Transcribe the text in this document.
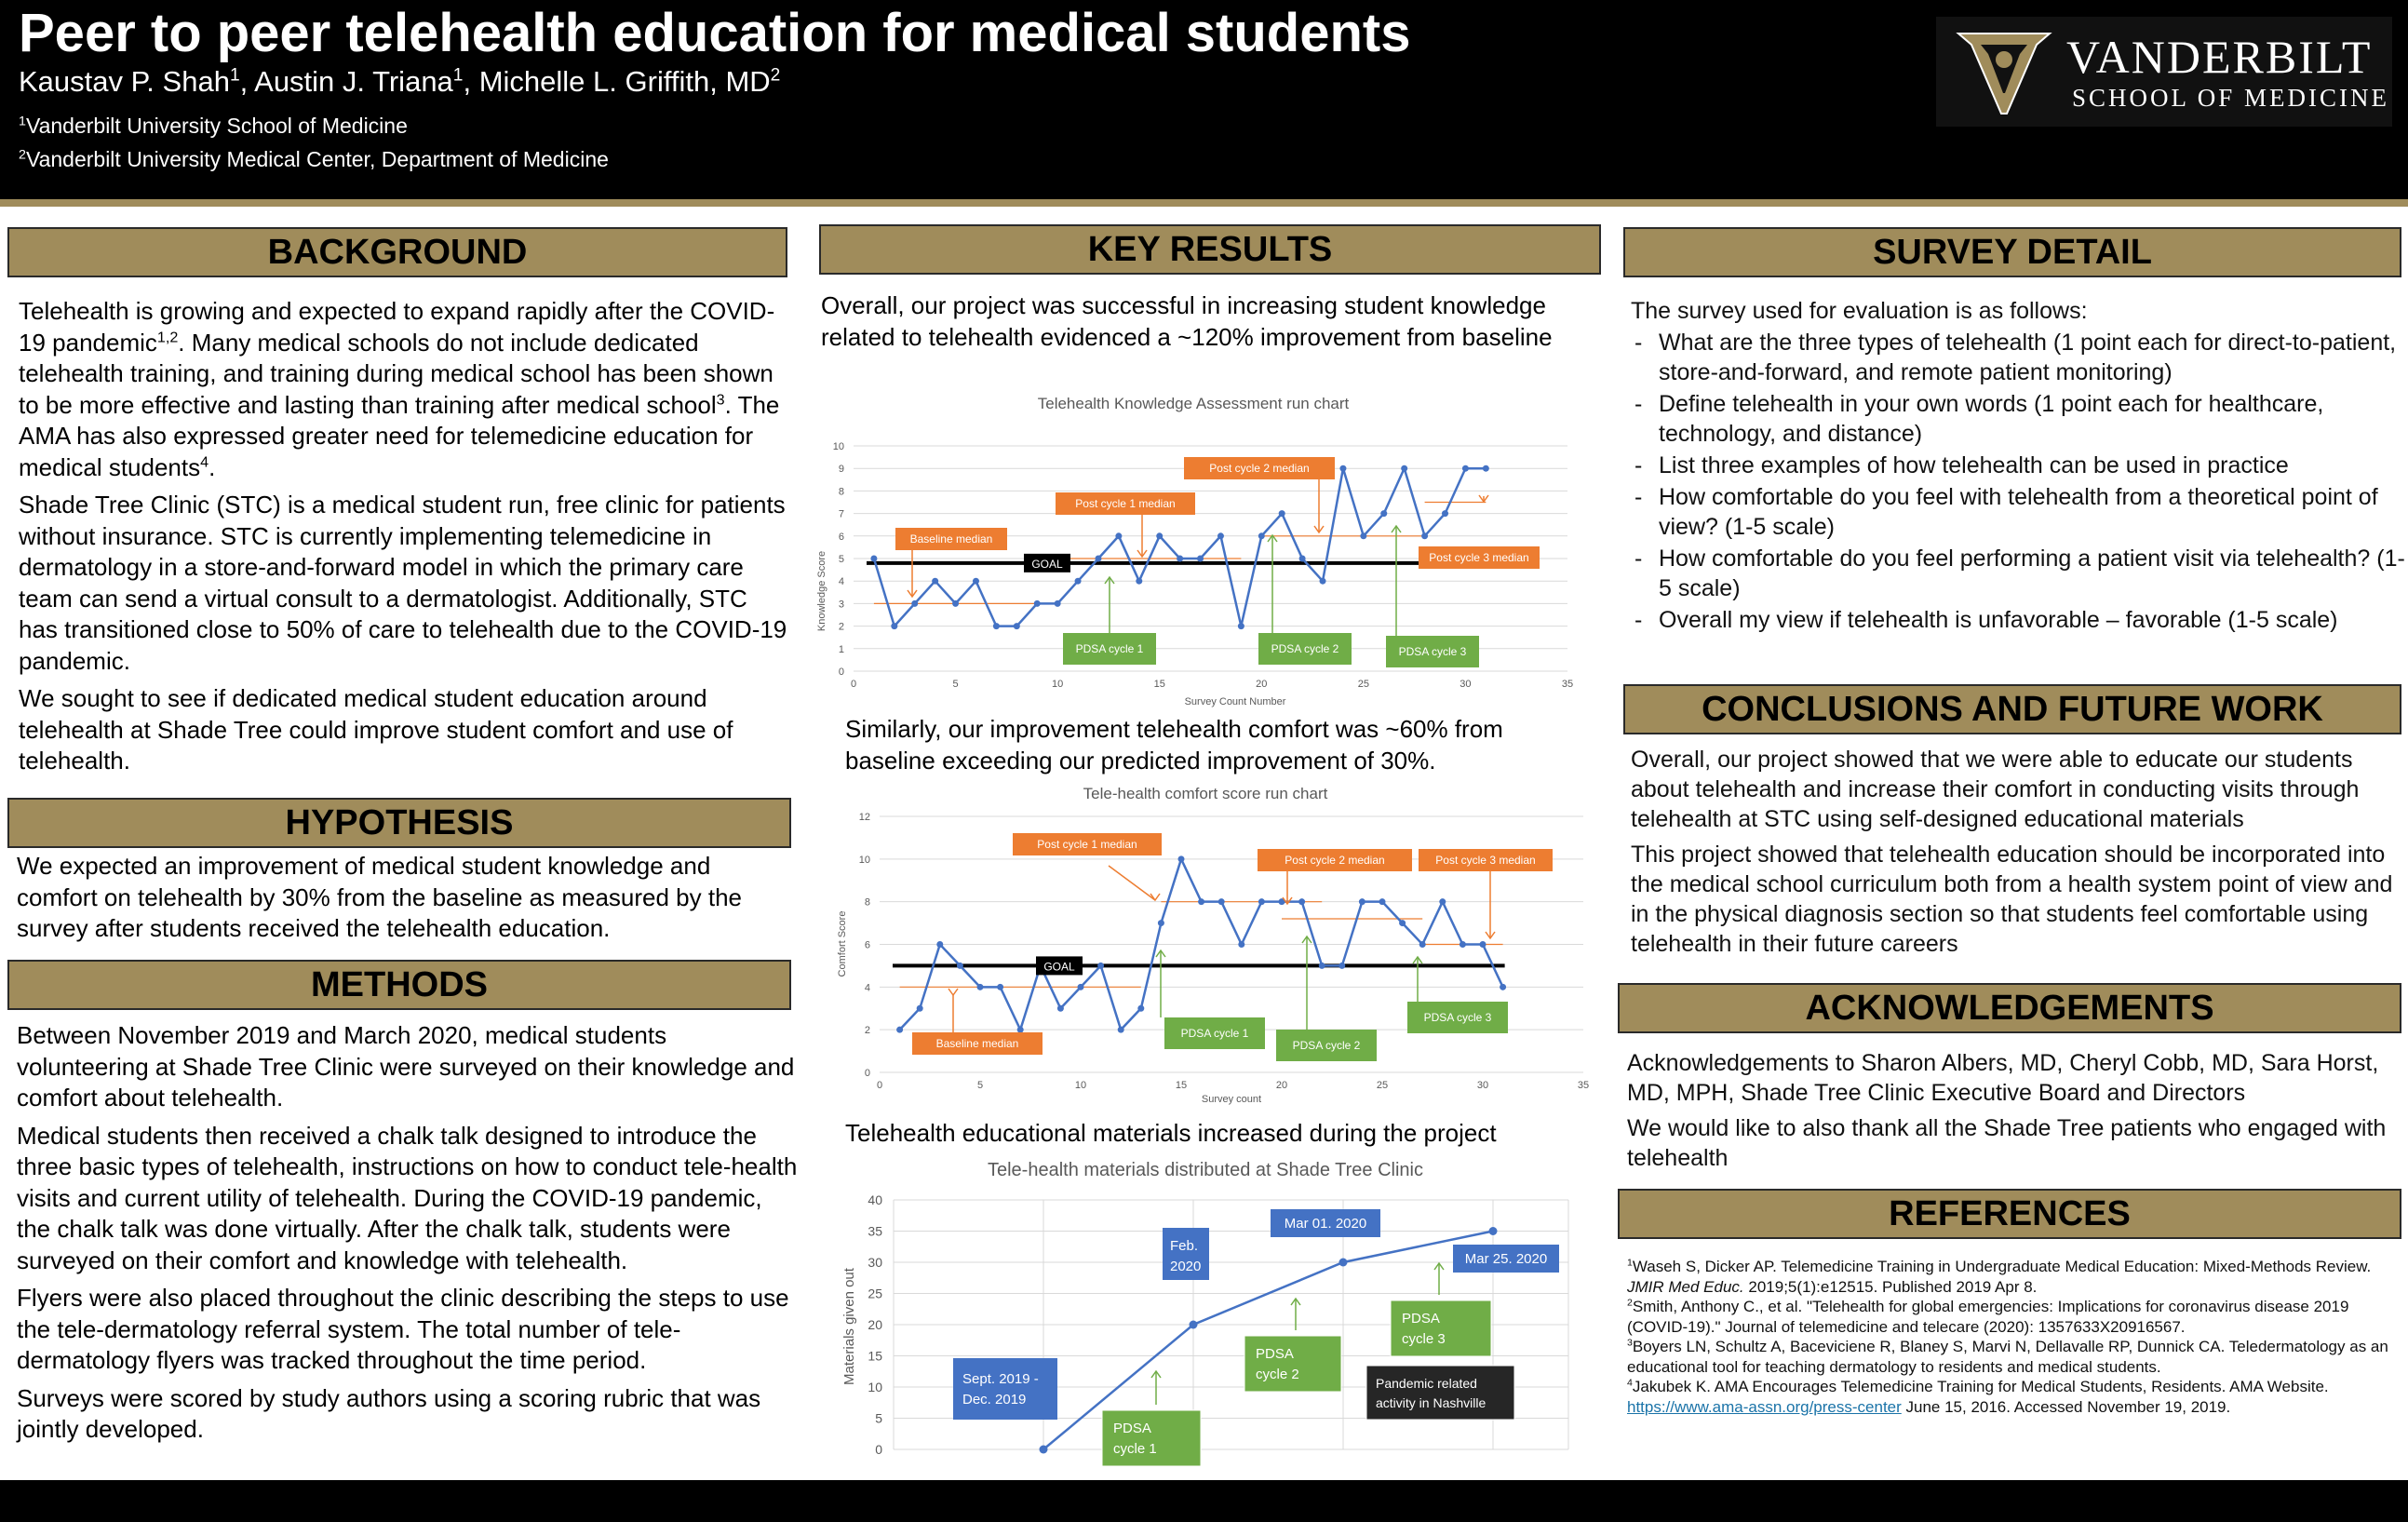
Peer to peer telehealth education for medical students
Kaustav P. Shah$^1$, Austin J. Triana$^1$, Michelle L. Griffith, $MD^2$
$^1$Vanderbilt University School of Medicine
$^2$Vanderbilt University Medical Center, Department of Medicine
VANDERBILT
SCHOOL OF MEDICINE
BACKGROUND

Telehealth is growing and expected to expand rapidly after the COVID-19 pandemic$^{1,2}$. Many medical schools do not include dedicated telehealth training, and training during medical school has been shown to be more effective and lasting than training after medical school$^3$. The AMA has also expressed greater need for telemedicine education for medical students$^4$.

Shade Tree Clinic (STC) is a medical student run, free clinic for patients without insurance. STC is currently implementing telemedicine in dermatology in a store-and-forward model in which the primary care team can send a virtual consult to a dermatologist. Additionally, STC has transitioned close to 50% of care to telehealth due to the COVID-19 pandemic.

We sought to see if dedicated medical student education around telehealth at Shade Tree could improve student comfort and use of telehealth.

HYPOTHESIS

We expected an improvement of medical student knowledge and comfort on telehealth by 30% from the baseline as measured by the survey after students received the telehealth education.

METHODS

Between November 2019 and March 2020, medical students volunteering at Shade Tree Clinic were surveyed on their knowledge and comfort about telehealth.

Medical students then received a chalk talk designed to introduce the three basic types of telehealth, instructions on how to conduct tele-health visits and current utility of telehealth. During the COVID-19 pandemic, the chalk talk was done virtually. After the chalk talk, students were surveyed on their comfort and knowledge with telehealth.

Flyers were also placed throughout the clinic describing the steps to use the tele-dermatology referral system. The total number of tele-dermatology flyers was tracked throughout the time period.

Surveys were scored by study authors using a scoring rubric that was jointly developed.

KEY RESULTS
Overall, our project was successful in increasing student knowledge related to telehealth evidenced a ~120% improvement from baseline
Telehealth Knowledge Assessment run chart
Knowledge Score
Survey Count Number
0
1
2
3
4
5
6
7
8
9
10
0	5	10	15	20	25	30	35
GOAL
Baseline median
Post cycle 1 median
Post cycle 2 median
Post cycle 3 median
PDSA cycle 1	PDSA cycle 2	PDSA cycle 3
Similarly, our improvement telehealth comfort was ~60% from baseline exceeding our predicted improvement of 30%.
Tele-health comfort score run chart
Comfort Score
Survey count
0
2
4
6
8
10
12
0	5	10	15	20	25	30	35
GOAL
Baseline median
Post cycle 1 median
Post cycle 2 median	Post cycle 3 median
PDSA cycle 1
PDSA cycle 2
PDSA cycle 3
Telehealth educational materials increased during the project
Tele-health materials distributed at Shade Tree Clinic
Materials given out
0
5
10
15
20
25
30
35
40
Sept. 2019 -
Dec. 2019
Feb.
2020
Mar 01. 2020
Mar 25. 2020
PDSA
cycle 1
PDSA
cycle 2
PDSA
cycle 3
Pandemic related
activity in Nashville
SURVEY DETAIL
The survey used for evaluation is as follows:
- What are the three types of telehealth (1 point each for direct-to-patient, store-and-forward, and remote patient monitoring)
- Define telehealth in your own words (1 point each for healthcare, technology, and distance)
- List three examples of how telehealth can be used in practice
- How comfortable do you feel with telehealth from a theoretical point of view? (1-5 scale)
- How comfortable do you feel performing a patient visit via telehealth? (1-5 scale)
- Overall my view if telehealth is unfavorable – favorable (1-5 scale)
CONCLUSIONS AND FUTURE WORK

Overall, our project showed that we were able to educate our students about telehealth and increase their comfort in conducting visits through telehealth at STC using self-designed educational materials

This project showed that telehealth education should be incorporated into the medical school curriculum both from a health system point of view and in the physical diagnosis section so that students feel comfortable using telehealth in their future careers

ACKNOWLEDGEMENTS

Acknowledgements to Sharon Albers, MD, Cheryl Cobb, MD, Sara Horst, MD, MPH, Shade Tree Clinic Executive Board and Directors

We would like to also thank all the Shade Tree patients who engaged with telehealth

REFERENCES

$^1$Waseh S, Dicker AP. Telemedicine Training in Undergraduate Medical Education: Mixed-Methods Review. JMIR Med Educ. 2019;5(1):e12515. Published 2019 Apr 8.

$^2$Smith, Anthony C., et al. "Telehealth for global emergencies: Implications for coronavirus disease 2019 (COVID-19)." Journal of telemedicine and telecare (2020): 1357633X20916567.

$^3$Boyers LN, Schultz A, Baceviciene R, Blaney S, Marvi N, Dellavalle RP, Dunnick CA. Teledermatology as an educational tool for teaching dermatology to residents and medical students.

$^4$Jakubek K. AMA Encourages Telemedicine Training for Medical Students, Residents. AMA Website. https://www.ama-assn.org/press-center June 15, 2016. Accessed November 19, 2019.
